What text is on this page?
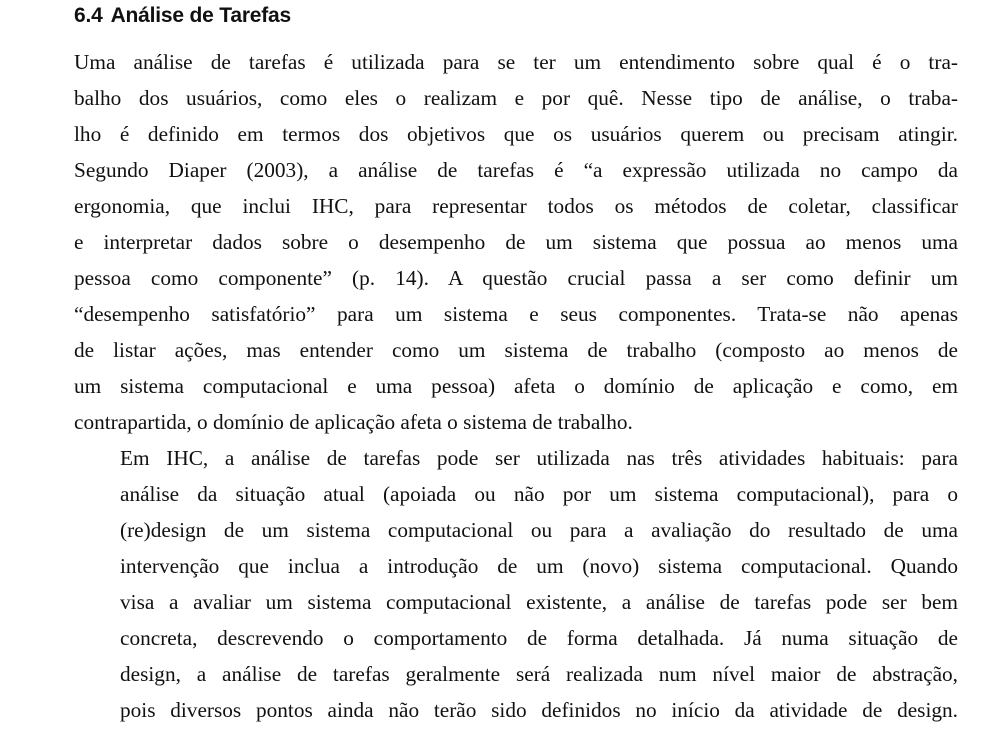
6.4 Análise de Tarefas

Uma análise de tarefas é utilizada para se ter um entendimento sobre qual é o tra-
balho dos usuários, como eles o realizam e por quê. Nesse tipo de análise, o traba-
lho é definido em termos dos objetivos que os usuários querem ou precisam atingir.
Segundo Diaper (2003), a análise de tarefas é “a expressão utilizada no campo da
ergonomia, que inclui IHC, para representar todos os métodos de coletar, classificar
e interpretar dados sobre o desempenho de um sistema que possua ao menos uma
pessoa como componente” (p. 14). A questão crucial passa a ser como definir um
“desempenho satisfatório” para um sistema e seus componentes. Trata-se não apenas
de listar ações, mas entender como um sistema de trabalho (composto ao menos de
um sistema computacional e uma pessoa) afeta o domínio de aplicação e como, em
contrapartida, o domínio de aplicação afeta o sistema de trabalho.

Em IHC, a análise de tarefas pode ser utilizada nas três atividades habituais: para
análise da situação atual (apoiada ou não por um sistema computacional), para o
(re)design de um sistema computacional ou para a avaliação do resultado de uma
intervenção que inclua a introdução de um (novo) sistema computacional. Quando
visa a avaliar um sistema computacional existente, a análise de tarefas pode ser bem
concreta, descrevendo o comportamento de forma detalhada. Já numa situação de
design, a análise de tarefas geralmente será realizada num nível maior de abstração,
pois diversos pontos ainda não terão sido definidos no início da atividade de design.
